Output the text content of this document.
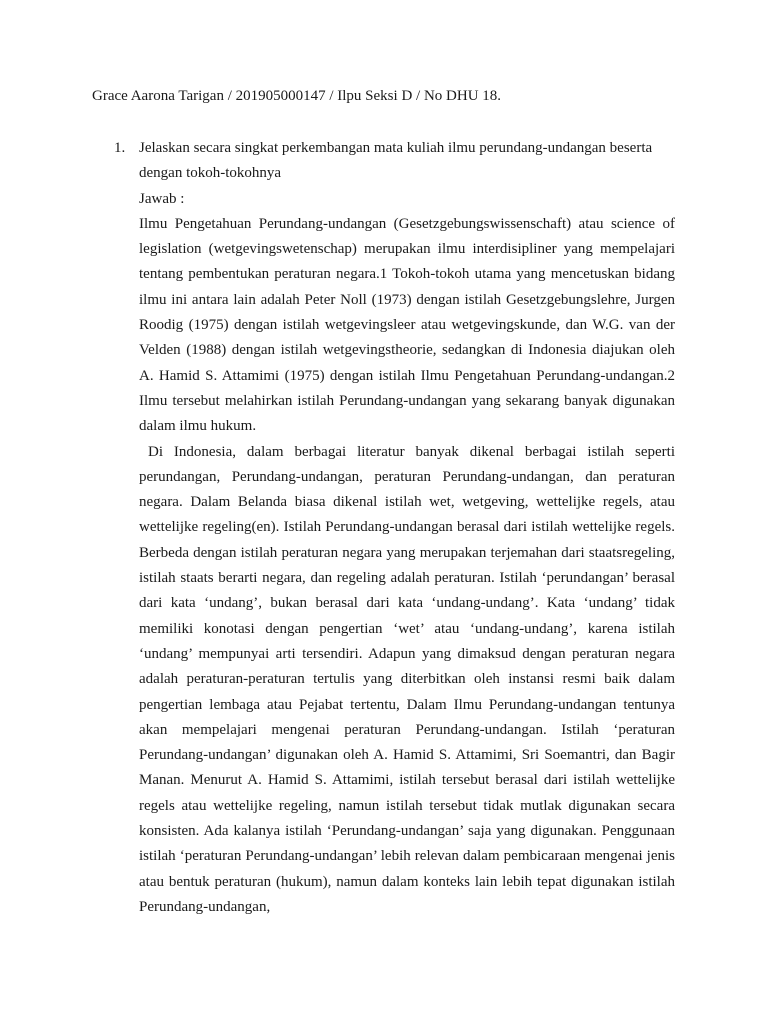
Grace Aarona Tarigan / 201905000147 / Ilpu Seksi D / No DHU 18.
1. Jelaskan secara singkat perkembangan mata kuliah ilmu perundang-undangan beserta dengan tokoh-tokohnya

Jawab :

Ilmu Pengetahuan Perundang-undangan (Gesetzgebungswissenschaft) atau science of legislation (wetgevingswetenschap) merupakan ilmu interdisipliner yang mempelajari tentang pembentukan peraturan negara.1 Tokoh-tokoh utama yang mencetuskan bidang ilmu ini antara lain adalah Peter Noll (1973) dengan istilah Gesetzgebungslehre, Jurgen Roodig (1975) dengan istilah wetgevingsleer atau wetgevingskunde, dan W.G. van der Velden (1988) dengan istilah wetgevingstheorie, sedangkan di Indonesia diajukan oleh A. Hamid S. Attamimi (1975) dengan istilah Ilmu Pengetahuan Perundang-undangan.2 Ilmu tersebut melahirkan istilah Perundang-undangan yang sekarang banyak digunakan dalam ilmu hukum.

Di Indonesia, dalam berbagai literatur banyak dikenal berbagai istilah seperti perundangan, Perundang-undangan, peraturan Perundang-undangan, dan peraturan negara. Dalam Belanda biasa dikenal istilah wet, wetgeving, wettelijke regels, atau wettelijke regeling(en). Istilah Perundang-undangan berasal dari istilah wettelijke regels. Berbeda dengan istilah peraturan negara yang merupakan terjemahan dari staatsregeling, istilah staats berarti negara, dan regeling adalah peraturan. Istilah ‘perundangan’ berasal dari kata ‘undang’, bukan berasal dari kata ‘undang-undang’. Kata ‘undang’ tidak memiliki konotasi dengan pengertian ‘wet’ atau ‘undang-undang’, karena istilah ‘undang’ mempunyai arti tersendiri. Adapun yang dimaksud dengan peraturan negara adalah peraturan-peraturan tertulis yang diterbitkan oleh instansi resmi baik dalam pengertian lembaga atau Pejabat tertentu, Dalam Ilmu Perundang-undangan tentunya akan mempelajari mengenai peraturan Perundang-undangan. Istilah ‘peraturan Perundang-undangan’ digunakan oleh A. Hamid S. Attamimi, Sri Soemantri, dan Bagir Manan. Menurut A. Hamid S. Attamimi, istilah tersebut berasal dari istilah wettelijke regels atau wettelijke regeling, namun istilah tersebut tidak mutlak digunakan secara konsisten. Ada kalanya istilah ‘Perundang-undangan’ saja yang digunakan. Penggunaan istilah ‘peraturan Perundang-undangan’ lebih relevan dalam pembicaraan mengenai jenis atau bentuk peraturan (hukum), namun dalam konteks lain lebih tepat digunakan istilah Perundang-undangan,
